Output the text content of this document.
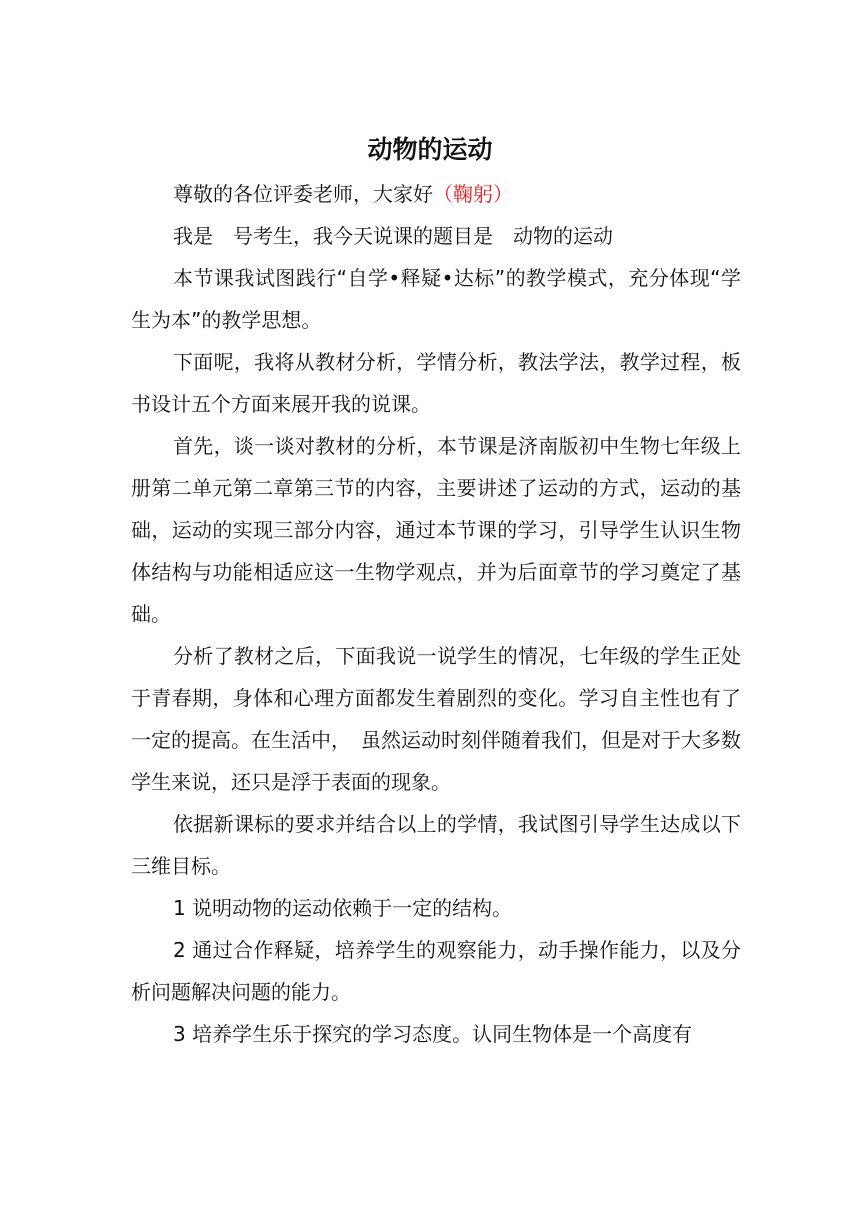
动物的运动

尊敬的各位评委老师，大家好（鞠躬）

我是　号考生，我今天说课的题目是　动物的运动

本节课我试图践行“自学•释疑•达标”的教学模式，充分体现“学生为本”的教学思想。

下面呢，我将从教材分析，学情分析，教法学法，教学过程，板书设计五个方面来展开我的说课。

首先，谈一谈对教材的分析，本节课是济南版初中生物七年级上册第二单元第二章第三节的内容，主要讲述了运动的方式，运动的基础，运动的实现三部分内容，通过本节课的学习，引导学生认识生物体结构与功能相适应这一生物学观点，并为后面章节的学习奠定了基础。

分析了教材之后，下面我说一说学生的情况，七年级的学生正处于青春期，身体和心理方面都发生着剧烈的变化。学习自主性也有了一定的提高。在生活中，　虽然运动时刻伴随着我们，但是对于大多数学生来说，还只是浮于表面的现象。

依据新课标的要求并结合以上的学情，我试图引导学生达成以下三维目标。

1 说明动物的运动依赖于一定的结构。

2 通过合作释疑，培养学生的观察能力，动手操作能力，以及分析问题解决问题的能力。

3 培养学生乐于探究的学习态度。认同生物体是一个高度有
